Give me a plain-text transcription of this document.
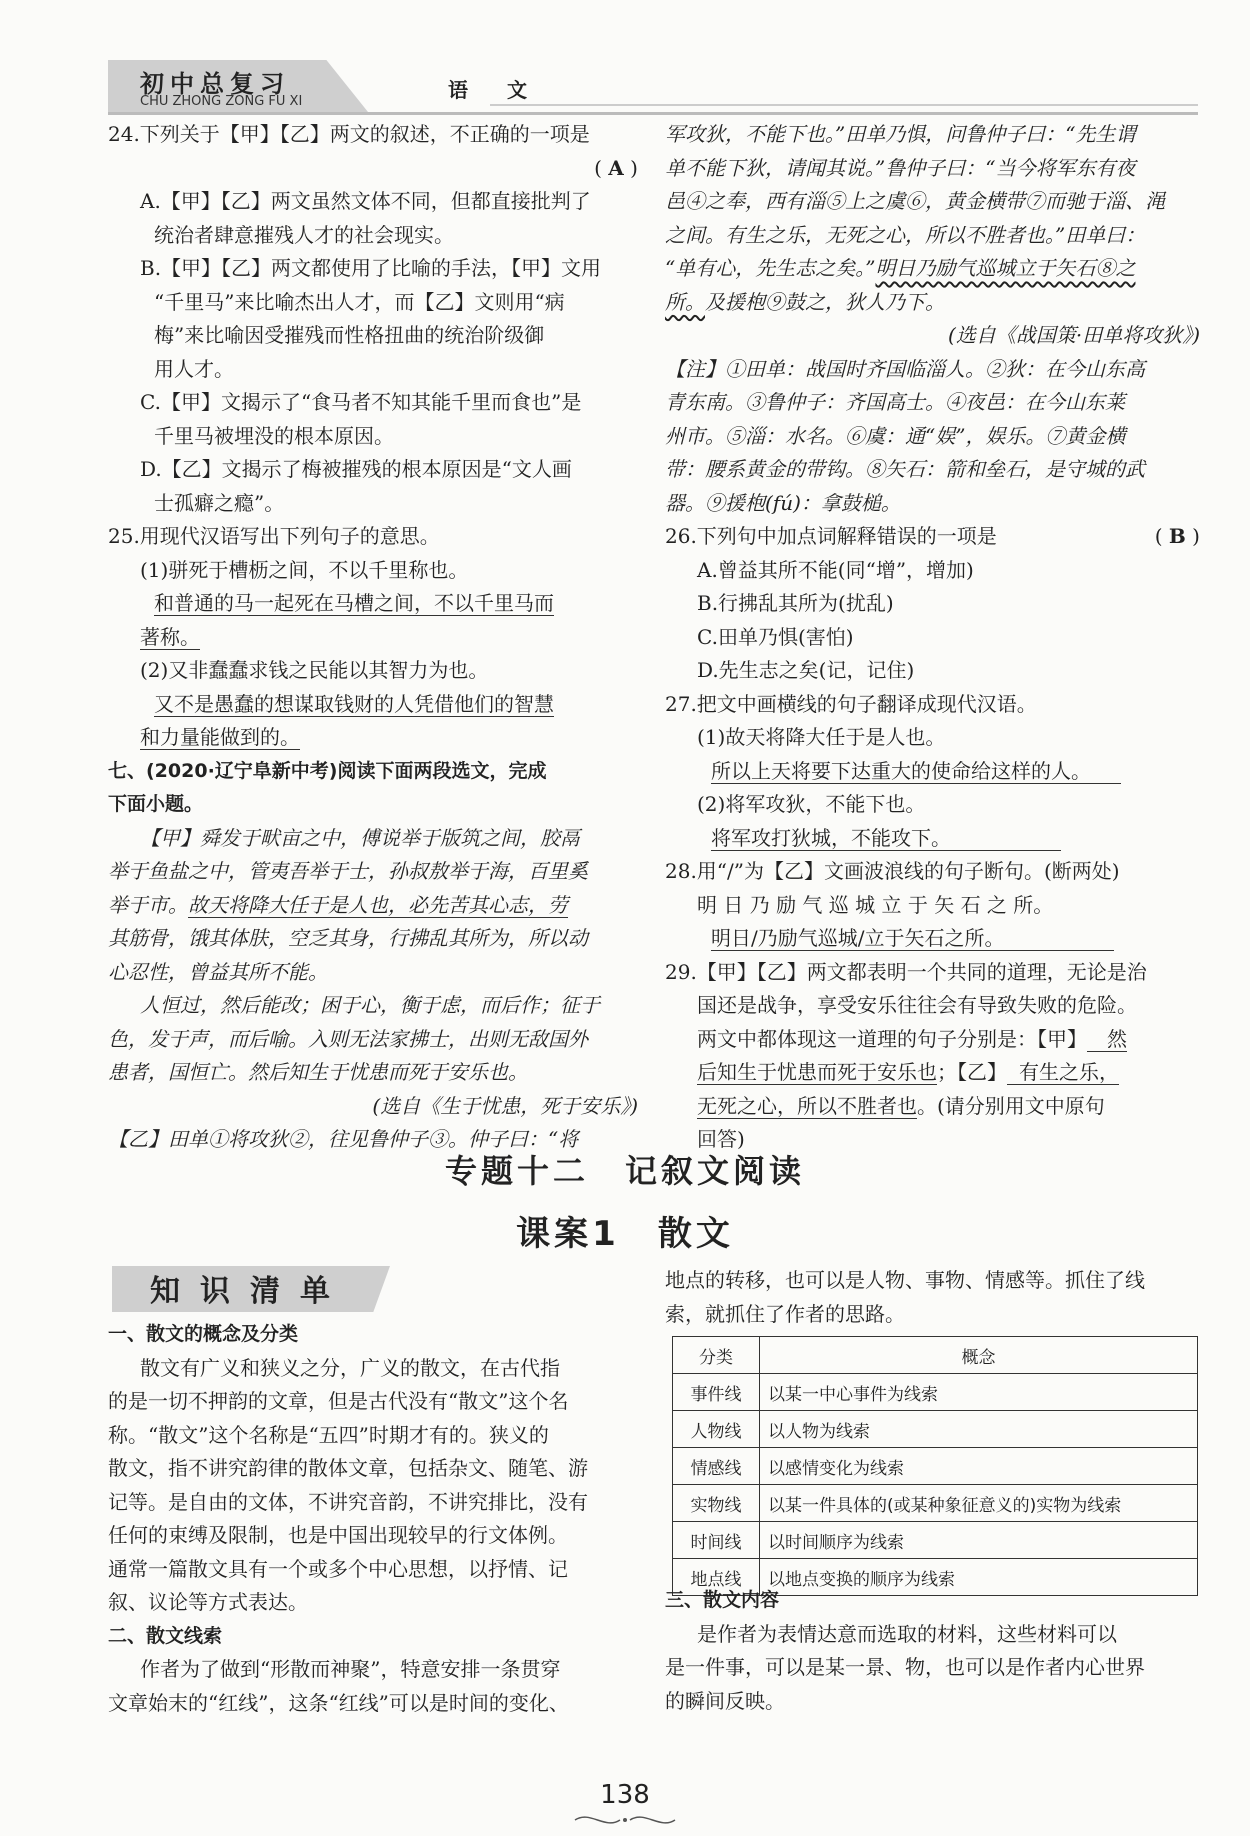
初中总复习
CHU ZHONG ZONG FU XI	语 文

24.下列关于【甲】【乙】两文的叙述，不正确的一项是

( A )

A.【甲】【乙】两文虽然文体不同，但都直接批判了

统治者肆意摧残人才的社会现实。

B.【甲】【乙】两文都使用了比喻的手法，【甲】文用

“千里马”来比喻杰出人才，而【乙】文则用“病

梅”来比喻因受摧残而性格扭曲的统治阶级御

用人才。

C.【甲】文揭示了“食马者不知其能千里而食也”是

千里马被埋没的根本原因。

D.【乙】文揭示了梅被摧残的根本原因是“文人画

士孤癖之瘾”。

25.用现代汉语写出下列句子的意思。

(1)骈死于槽枥之间，不以千里称也。

和普通的马一起死在马槽之间，不以千里马而

著称。

(2)又非蠢蠢求钱之民能以其智力为也。

又不是愚蠢的想谋取钱财的人凭借他们的智慧

和力量能做到的。

七、(2020·辽宁阜新中考)阅读下面两段选文，完成

下面小题。

【甲】舜发于畎亩之中，傅说举于版筑之间，胶鬲

举于鱼盐之中，管夷吾举于士，孙叔敖举于海，百里奚

举于市。故天将降大任于是人也，必先苦其心志，劳

其筋骨，饿其体肤，空乏其身，行拂乱其所为，所以动

心忍性，曾益其所不能。

人恒过，然后能改；困于心，衡于虑，而后作；征于

色，发于声，而后喻。入则无法家拂士，出则无敌国外

患者，国恒亡。然后知生于忧患而死于安乐也。

(选自《生于忧患，死于安乐》)

【乙】田单①将攻狄②，往见鲁仲子③。仲子曰：“将

军攻狄，不能下也。”田单乃惧，问鲁仲子曰：“先生谓

单不能下狄，请闻其说。”鲁仲子曰：“当今将军东有夜

邑④之奉，西有淄⑤上之虞⑥，黄金横带⑦而驰于淄、渑

之间。有生之乐，无死之心，所以不胜者也。”田单曰：

“单有心，先生志之矣。”明日乃励气巡城立于矢石⑧之

所。及援枹⑨鼓之，狄人乃下。

(选自《战国策·田单将攻狄》)

【注】①田单：战国时齐国临淄人。②狄：在今山东高

青东南。③鲁仲子：齐国高士。④夜邑：在今山东莱

州市。⑤淄：水名。⑥虞：通“娱”，娱乐。⑦黄金横

带：腰系黄金的带钩。⑧矢石：箭和垒石，是守城的武

器。⑨援枹(fú)：拿鼓槌。

26.下列句中加点词解释错误的一项是	( B )

A.曾益其所不能(同“增”，增加)

B.行拂乱其所为(扰乱)

C.田单乃惧(害怕)

D.先生志之矣(记，记住)

27.把文中画横线的句子翻译成现代汉语。

(1)故天将降大任于是人也。

所以上天将要下达重大的使命给这样的人。

(2)将军攻狄，不能下也。

将军攻打狄城，不能攻下。

28.用“/”为【乙】文画波浪线的句子断句。(断两处)

明 日 乃 励 气 巡 城 立 于 矢 石 之 所。

明日/乃励气巡城/立于矢石之所。

29.【甲】【乙】两文都表明一个共同的道理，无论是治

国还是战争，享受安乐往往会有导致失败的危险。

两文中都体现这一道理的句子分别是：【甲】 然

后知生于忧患而死于安乐也；【乙】 有生之乐，

无死之心，所以不胜者也。(请分别用文中原句

回答)

专题十二　记叙文阅读
课案1　散文
知识清单

一、散文的概念及分类

散文有广义和狭义之分，广义的散文，在古代指

的是一切不押韵的文章，但是古代没有“散文”这个名

称。“散文”这个名称是“五四”时期才有的。狭义的

散文，指不讲究韵律的散体文章，包括杂文、随笔、游

记等。是自由的文体，不讲究音韵，不讲究排比，没有

任何的束缚及限制，也是中国出现较早的行文体例。

通常一篇散文具有一个或多个中心思想，以抒情、记

叙、议论等方式表达。

二、散文线索

作者为了做到“形散而神聚”，特意安排一条贯穿

文章始末的“红线”，这条“红线”可以是时间的变化、

地点的转移，也可以是人物、事物、情感等。抓住了线

索，就抓住了作者的思路。

分类	概念
事件线	以某一中心事件为线索
人物线	以人物为线索
情感线	以感情变化为线索
实物线	以某一件具体的(或某种象征意义的)实物为线索
时间线	以时间顺序为线索
地点线	以地点变换的顺序为线索

三、散文内容

是作者为表情达意而选取的材料，这些材料可以

是一件事，可以是某一景、物，也可以是作者内心世界

的瞬间反映。

138
